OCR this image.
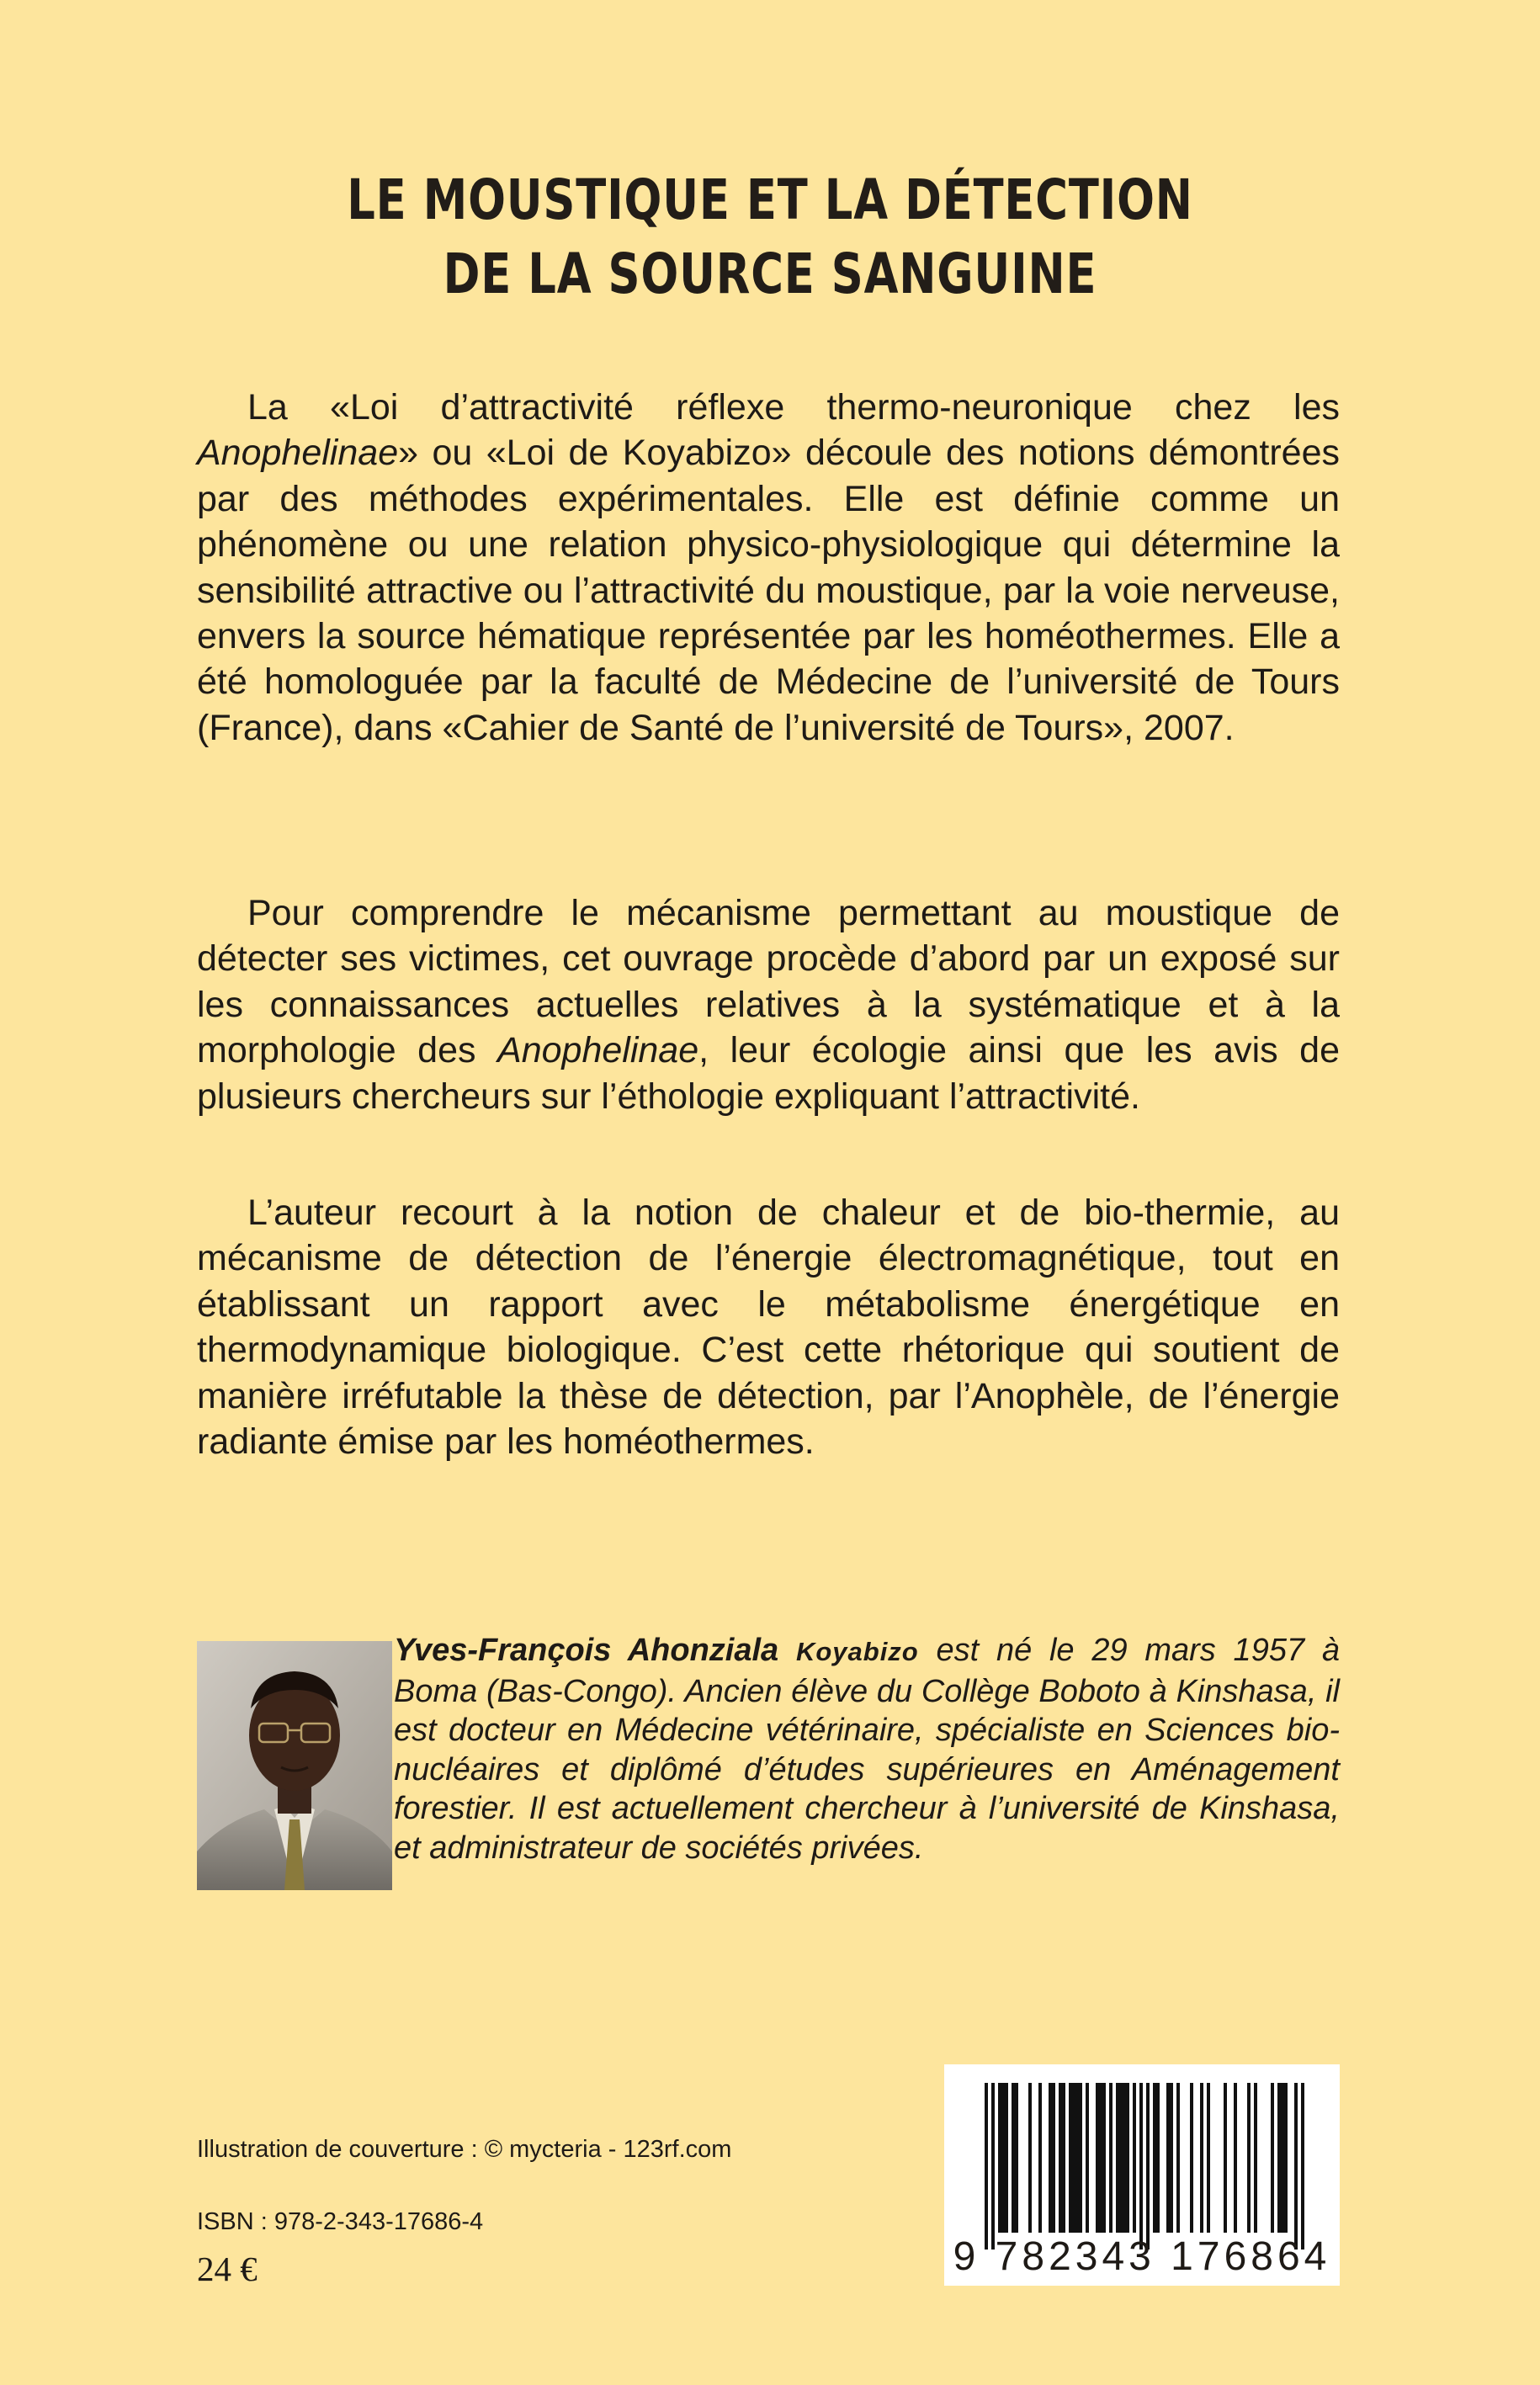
LE MOUSTIQUE ET LA DÉTECTION
DE LA SOURCE SANGUINE

La «Loi d’attractivité réflexe thermo-neuronique chez les Anophelinae» ou «Loi de Koyabizo» découle des notions démontrées par des méthodes expérimentales. Elle est définie comme un phénomène ou une relation physico-physiologique qui détermine la sensibilité attractive ou l’attractivité du moustique, par la voie nerveuse, envers la source hématique représentée par les homéothermes. Elle a été homologuée par la faculté de Médecine de l’université de Tours (France), dans «Cahier de Santé de l’université de Tours», 2007.

Pour comprendre le mécanisme permettant au moustique de détecter ses victimes, cet ouvrage procède d’abord par un exposé sur les connaissances actuelles relatives à la systématique et à la morphologie des Anophelinae, leur écologie ainsi que les avis de plusieurs chercheurs sur l’éthologie expliquant l’attractivité.

L’auteur recourt à la notion de chaleur et de bio-thermie, au mécanisme de détection de l’énergie électromagnétique, tout en établissant un rapport avec le métabolisme énergétique en thermodynamique biologique. C’est cette rhétorique qui soutient de manière irréfutable la thèse de détection, par l’Anophèle, de l’énergie radiante émise par les homéothermes.

Yves-François Ahonziala Koyabizo est né le 29 mars 1957 à Boma (Bas-Congo). Ancien élève du Collège Boboto à Kinshasa, il est docteur en Médecine vétérinaire, spécialiste en Sciences bio-nucléaires et diplômé d’études supérieures en Aménagement forestier. Il est actuellement chercheur à l’université de Kinshasa, et administrateur de sociétés privées.

Illustration de couverture : © mycteria - 123rf.com

ISBN : 978-2-343-17686-4

24 €	9 782343 176864
